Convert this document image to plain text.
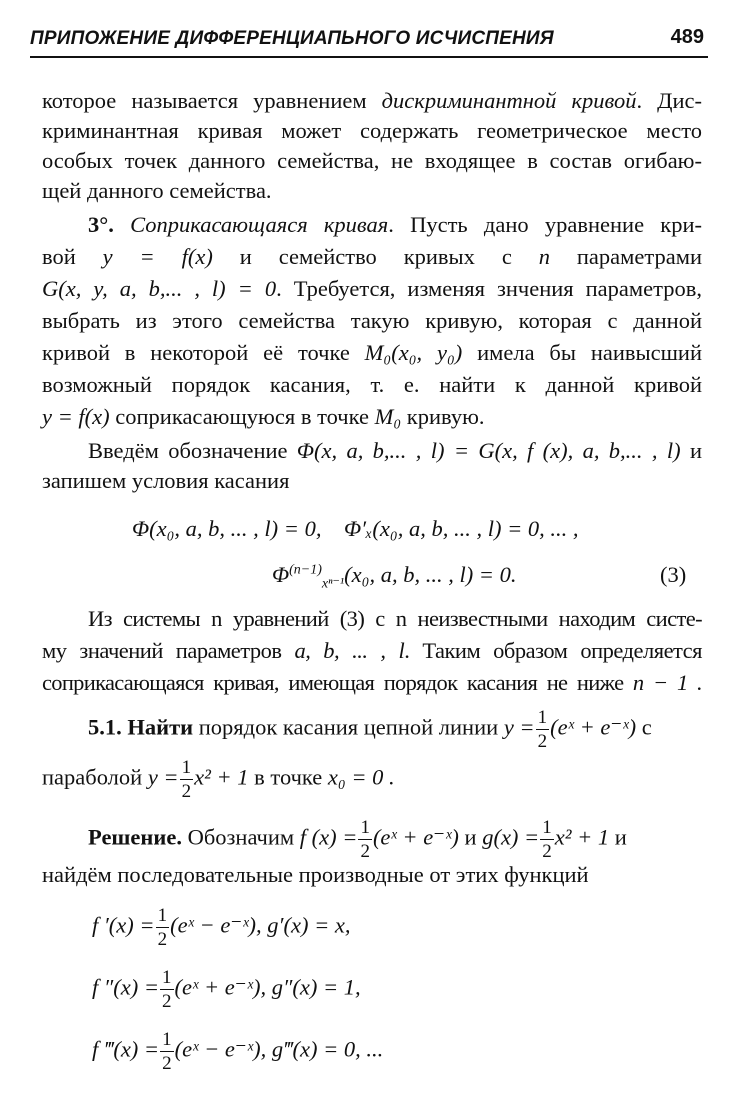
ПРИПОЖЕНИЕ ДИФФЕРЕНЦИАПЬНОГО ИСЧИСПЕНИЯ	489
которое называется уравнением дискриминантной кривой. Дис-
криминантная кривая может содержать геометрическое место
особых точек данного семейства, не входящее в состав огибаю-
щей данного семейства.
3°. Соприкасающаяся кривая. Пусть дано уравнение кри-
вой y = f(x) и семейство кривых с n параметрами
G(x, y, a, b,... , l) = 0. Требуется, изменяя знчения параметров,
выбрать из этого семейства такую кривую, которая с данной
кривой в некоторой её точке M₀(x₀, y₀) имела бы наивысший
возможный порядок касания, т. е. найти к данной кривой
y = f(x) соприкасающуюся в точке M₀ кривую.
Введём обозначение Φ(x, a, b,... , l) = G(x, f (x), a, b,... , l) и
запишем условия касания
Φ(x₀, a, b, ... , l) = 0, Φ′ₓ(x₀, a, b, ... , l) = 0, ... ,
$\Phi^{(n-1)}_{x^{n-1}}(x_0$, a, b, ... , l) = 0.	(3)
Из системы n уравнений (3) с n неизвестными находим систе-
му значений параметров a, b, ... , l. Таким образом определяется
соприкасающаяся кривая, имеющая порядок касания не ниже n − 1 .
5.1. Найти порядок касания цепной линии $y = \frac{1}{2}$ (eˣ + e⁻ˣ) с
параболой $y = \frac{1}{2} x^2 + 1$ в точке x₀ = 0 .
Решение. Обозначим f $(x) = \frac{1}{2}$ (eˣ + e⁻ˣ) и $g(x) = \frac{1}{2} x^2 + 1$ и
найдём последовательные производные от этих функций
f $'(x) = \frac{1}{2}$ (eˣ − e⁻ˣ), g′(x) = x,
f $''(x) = \frac{1}{2}$ (eˣ + e⁻ˣ), g″(x) = 1,
f ‴(x) = $\frac{1}{2}$ (eˣ − e⁻ˣ), g‴(x) = 0, ...
